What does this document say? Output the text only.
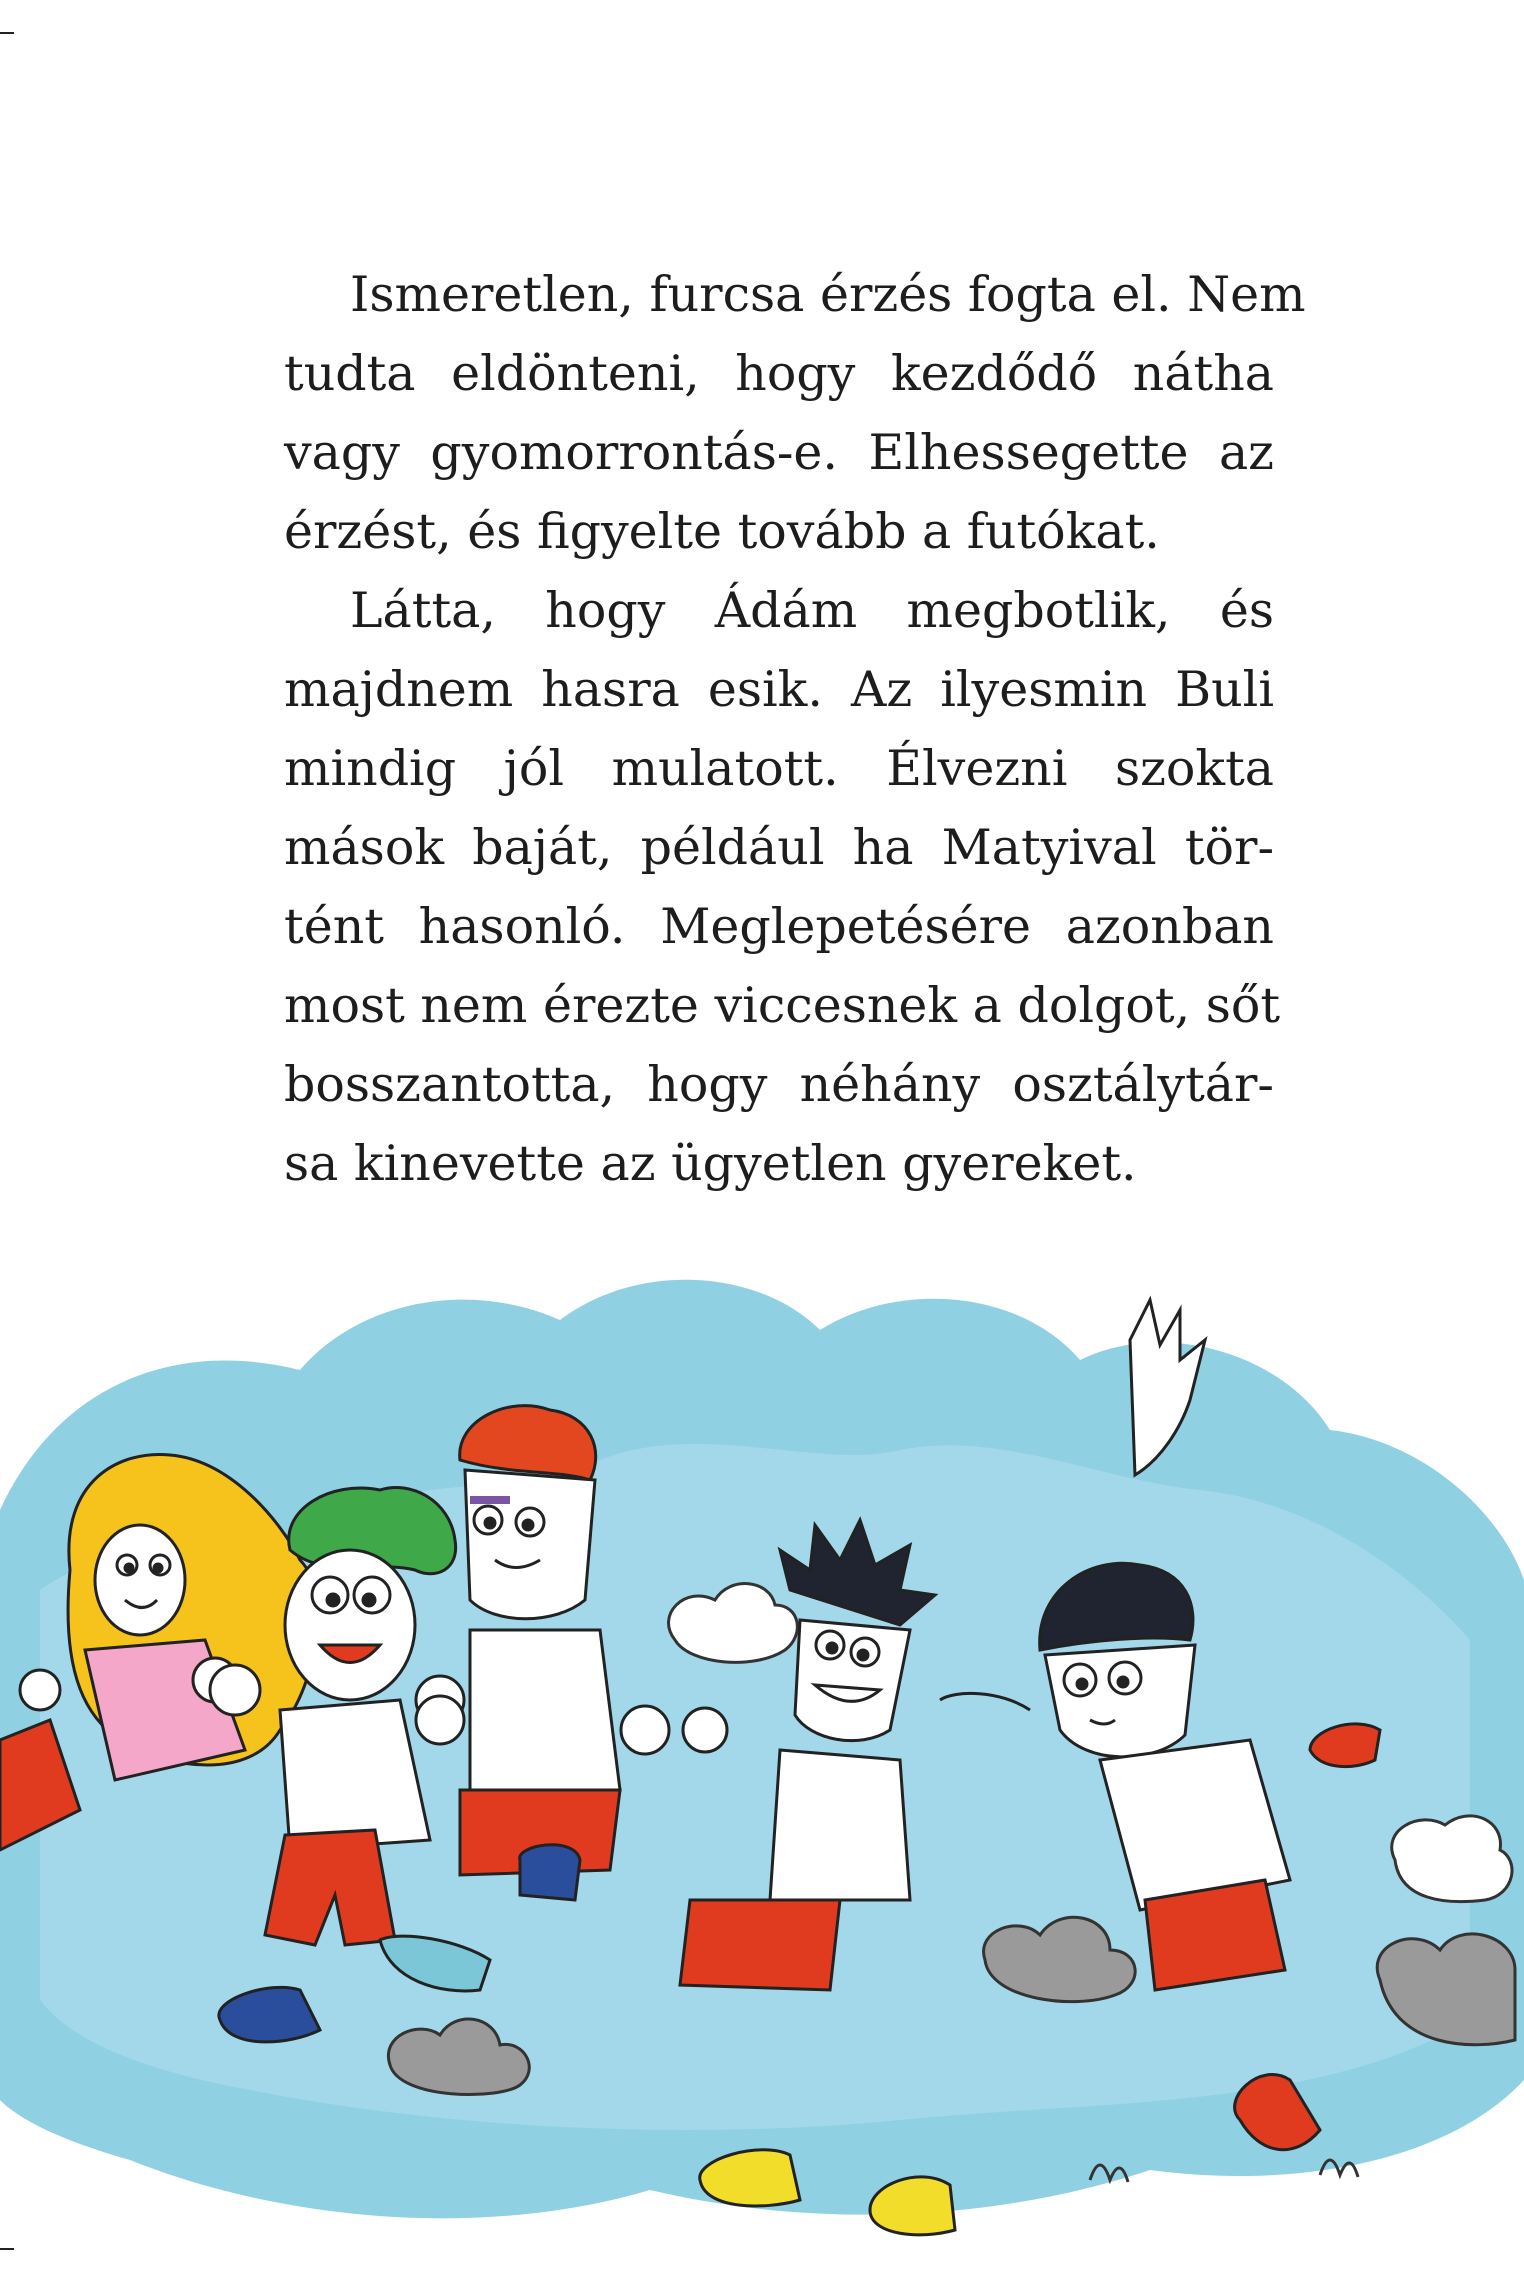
Ismeretlen, furcsa érzés fogta el. Nem
tudta eldönteni, hogy kezdődő nátha
vagy gyomorrontás-e. Elhessegette az
érzést, és figyelte tovább a futókat.
Látta, hogy Ádám megbotlik, és
majdnem hasra esik. Az ilyesmin Buli
mindig jól mulatott. Élvezni szokta
mások baját, például ha Matyival tör-
tént hasonló. Meglepetésére azonban
most nem érezte viccesnek a dolgot, sőt
bosszantotta, hogy néhány osztálytár-
sa kinevette az ügyetlen gyereket.
